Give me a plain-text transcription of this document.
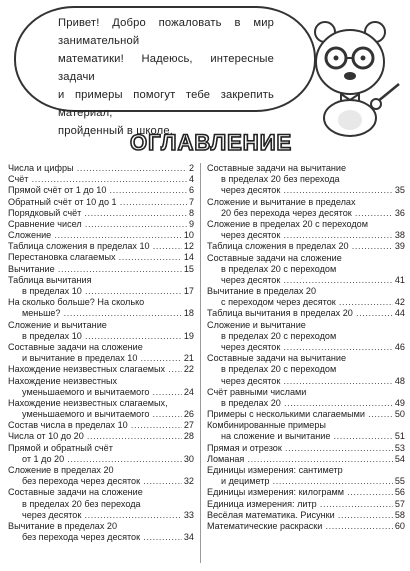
Привет! Добро пожаловать в мир занимательной
математики! Надеюсь, интересные задачи
и примеры помогут тебе закрепить материал,
пройденный в школе.
ОГЛАВЛЕНИЕ
Числа и цифры .....	2
Счёт .....	4
Прямой счёт от 1 до 10 .....	6
Обратный счёт от 10 до 1 .....	7
Порядковый счёт .....	8
Сравнение чисел .....	9
Сложение .....	10
Таблица сложения в пределах 10 .....	12
Перестановка слагаемых .....	14
Вычитание .....	15
Таблица вычитания
в пределах 10 .....	17
На сколько больше? На сколько
меньше? .....	18
Сложение и вычитание
в пределах 10 .....	19
Составные задачи на сложение
и вычитание в пределах 10 .....	21
Нахождение неизвестных слагаемых .....	22
Нахождение неизвестных
уменьшаемого и вычитаемого .....	24
Нахождение неизвестных слагаемых,
уменьшаемого и вычитаемого .....	26
Состав числа в пределах 10 .....	27
Числа от 10 до 20 .....	28
Прямой и обратный счёт
от 1 до 20 .....	30
Сложение в пределах 20
без перехода через десяток .....	32
Составные задачи на сложение
в пределах 20 без перехода
через десяток .....	33
Вычитание в пределах 20
без перехода через десяток .....	34
Составные задачи на вычитание
в пределах 20 без перехода
через десяток .....	35
Сложение и вычитание в пределах
20 без перехода через десяток .....	36
Сложение в пределах 20 с переходом
через десяток .....	38
Таблица сложения в пределах 20 .....	39
Составные задачи на сложение
в пределах 20 с переходом
через десяток .....	41
Вычитание в пределах 20
с переходом через десяток .....	42
Таблица вычитания в пределах 20 .....	44
Сложение и вычитание
в пределах 20 с переходом
через десяток .....	46
Составные задачи на вычитание
в пределах 20 с переходом
через десяток .....	48
Счёт равными числами
в пределах 20 .....	49
Примеры с несколькими слагаемыми .....	50
Комбинированные примеры
на сложение и вычитание .....	51
Прямая и отрезок .....	53
Ломаная .....	54
Единицы измерения: сантиметр
и дециметр .....	55
Единицы измерения: килограмм .....	56
Единица измерения: литр .....	57
Весёлая математика. Рисунки .....	58
Математические раскраски .....	60
